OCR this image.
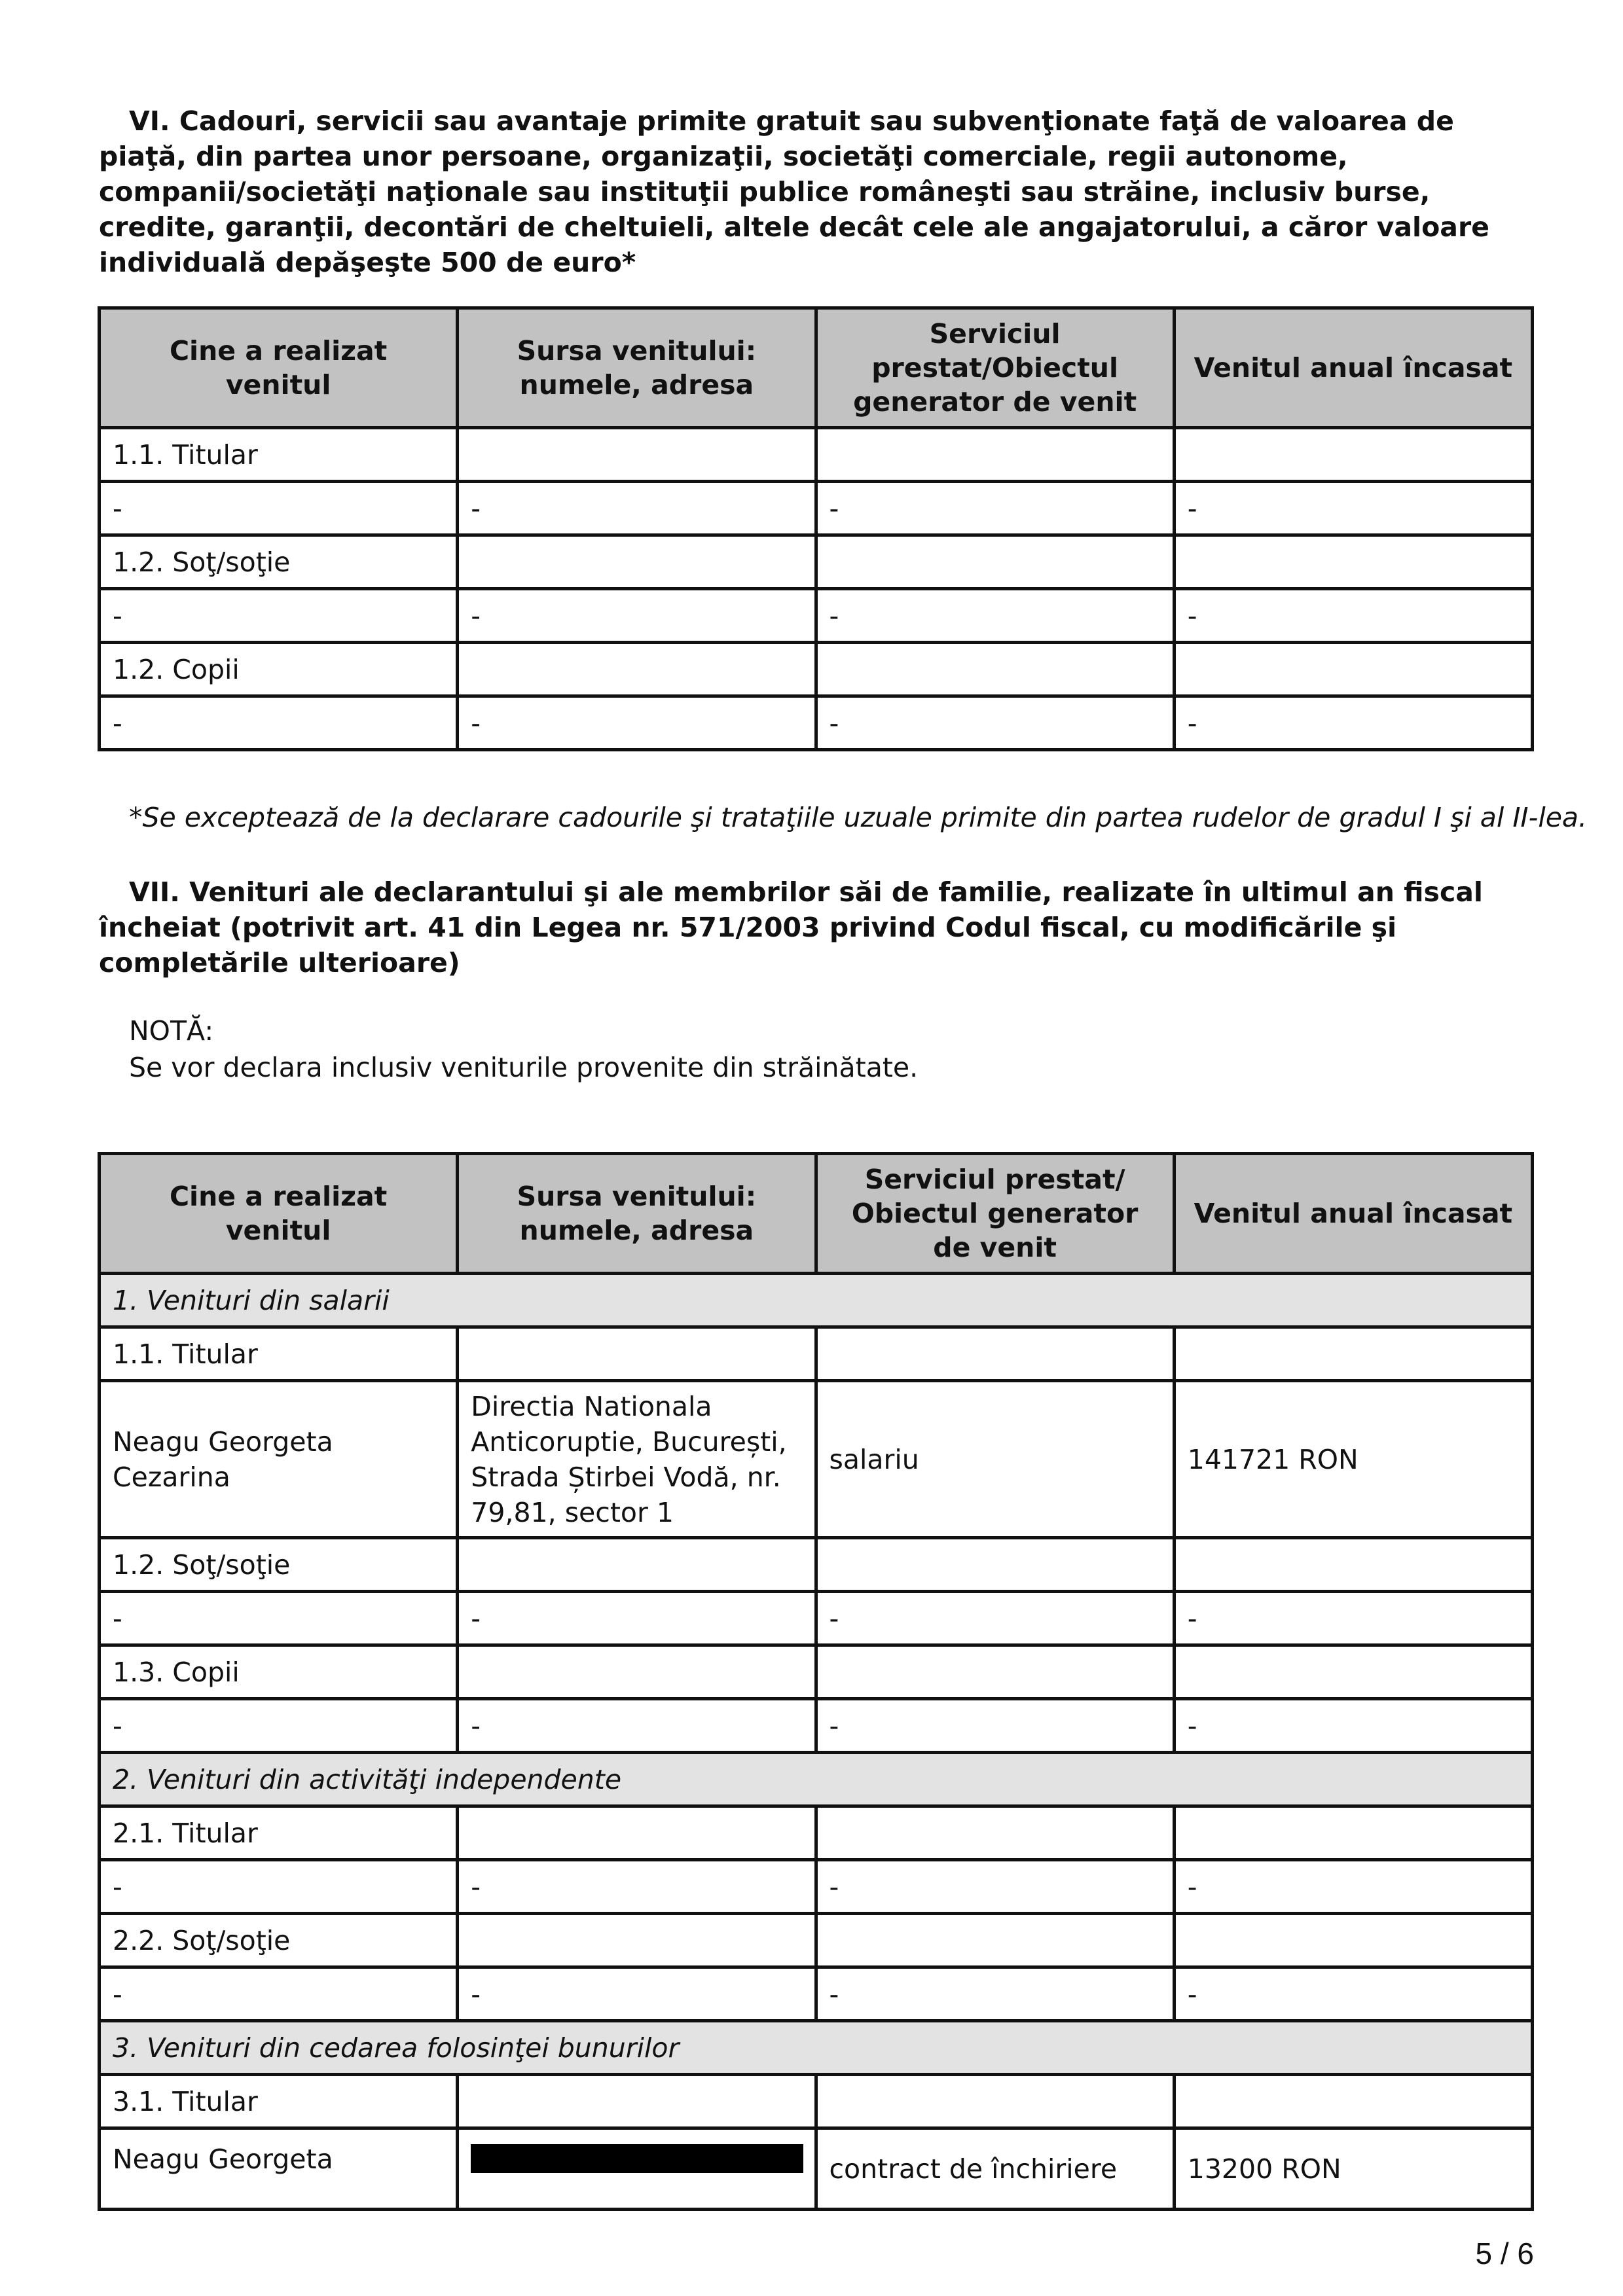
VI. Cadouri, servicii sau avantaje primite gratuit sau subvenţionate faţă de valoarea de piaţă, din partea unor persoane, organizaţii, societăţi comerciale, regii autonome, companii/societăţi naţionale sau instituţii publice româneşti sau străine, inclusiv burse, credite, garanţii, decontări de cheltuieli, altele decât cele ale angajatorului, a căror valoare individuală depăşeşte 500 de euro*

Cine a realizat venitul	Sursa venitului: numele, adresa	Serviciul prestat/Obiectul generator de venit	Venitul anual încasat
1.1. Titular			
-	-	-	-
1.2. Soţ/soţie			
-	-	-	-
1.2. Copii			
-	-	-	-

*Se exceptează de la declarare cadourile şi trataţiile uzuale primite din partea rudelor de gradul I şi al II-lea.

VII. Venituri ale declarantului şi ale membrilor săi de familie, realizate în ultimul an fiscal încheiat (potrivit art. 41 din Legea nr. 571/2003 privind Codul fiscal, cu modificările şi completările ulterioare)

NOTĂ:

Se vor declara inclusiv veniturile provenite din străinătate.

Cine a realizat venitul	Sursa venitului: numele, adresa	Serviciul prestat/ Obiectul generator de venit	Venitul anual încasat
1. Venituri din salarii			
1.1. Titular			
Neagu Georgeta Cezarina	Directia Nationala Anticoruptie, București, Strada Știrbei Vodă, nr. 79,81, sector 1	salariu	141721 RON
1.2. Soţ/soţie			
-	-	-	-
1.3. Copii			
-	-	-	-
2. Venituri din activităţi independente			
2.1. Titular			
-	-	-	-
2.2. Soţ/soţie			
-	-	-	-
3. Venituri din cedarea folosinţei bunurilor			
3.1. Titular			
Neagu Georgeta		contract de închiriere	13200 RON
5 / 6
